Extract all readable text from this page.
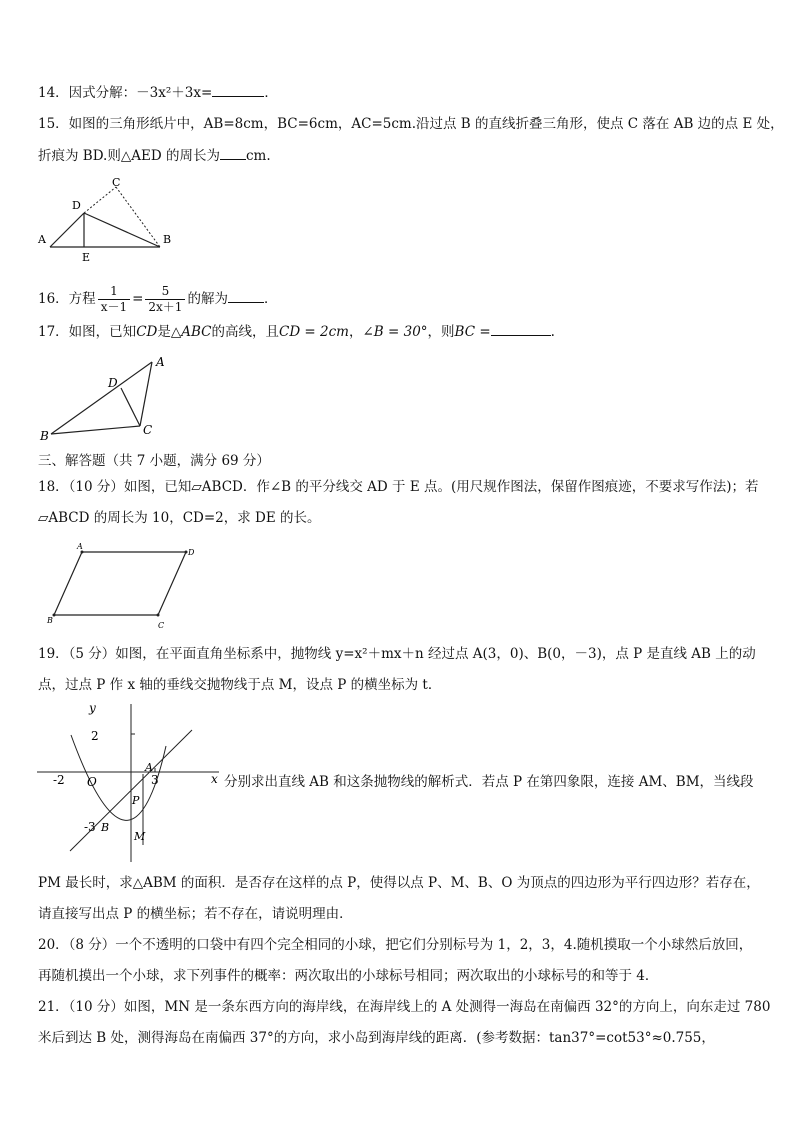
14．因式分解：－3x²＋3x=	．
15．如图的三角形纸片中，AB=8cm，BC=6cm，AC=5cm.沿过点 B 的直线折叠三角形，使点 C 落在 AB 边的点 E 处，
折痕为 BD.则△AED 的周长为 cm.
A	B
C
D
E
16．方程 $\frac{1}{x-1} = \frac{5}{2x+1}$ 的解为	．
17．如图，已知CD是△ABC的高线，且CD = 2cm，∠B = 30°，则BC =	.
A
B	C
D
三、解答题（共 7 小题，满分 69 分）
18．（10 分）如图，已知▱ABCD．作∠B 的平分线交 AD 于 E 点。(用尺规作图法，保留作图痕迹，不要求写作法)；若
▱ABCD 的周长为 10，CD=2，求 DE 的长。
A
D
C
B
19．（5 分）如图，在平面直角坐标系中，抛物线 y=x²＋mx＋n 经过点 A(3，0)、B(0，－3)，点 P 是直线 AB 上的动
点，过点 P 作 x 轴的垂线交抛物线于点 M，设点 P 的横坐标为 t．
y
x
2
-2 O	3
-3
A
B
P
M
分别求出直线 AB 和这条抛物线的解析式．若点 P 在第四象限，连接 AM、BM，当线段
PM 最长时，求△ABM 的面积．是否存在这样的点 P，使得以点 P、M、B、O 为顶点的四边形为平行四边形？若存在，
请直接写出点 P 的横坐标；若不存在，请说明理由．
20．（8 分）一个不透明的口袋中有四个完全相同的小球，把它们分别标号为 1，2，3，4.随机摸取一个小球然后放回，
再随机摸出一个小球，求下列事件的概率：两次取出的小球标号相同；两次取出的小球标号的和等于 4．
21．（10 分）如图，MN 是一条东西方向的海岸线，在海岸线上的 A 处测得一海岛在南偏西 32°的方向上，向东走过 780
米后到达 B 处，测得海岛在南偏西 37°的方向，求小岛到海岸线的距离．(参考数据：tan37°=cot53°≈0.755，
